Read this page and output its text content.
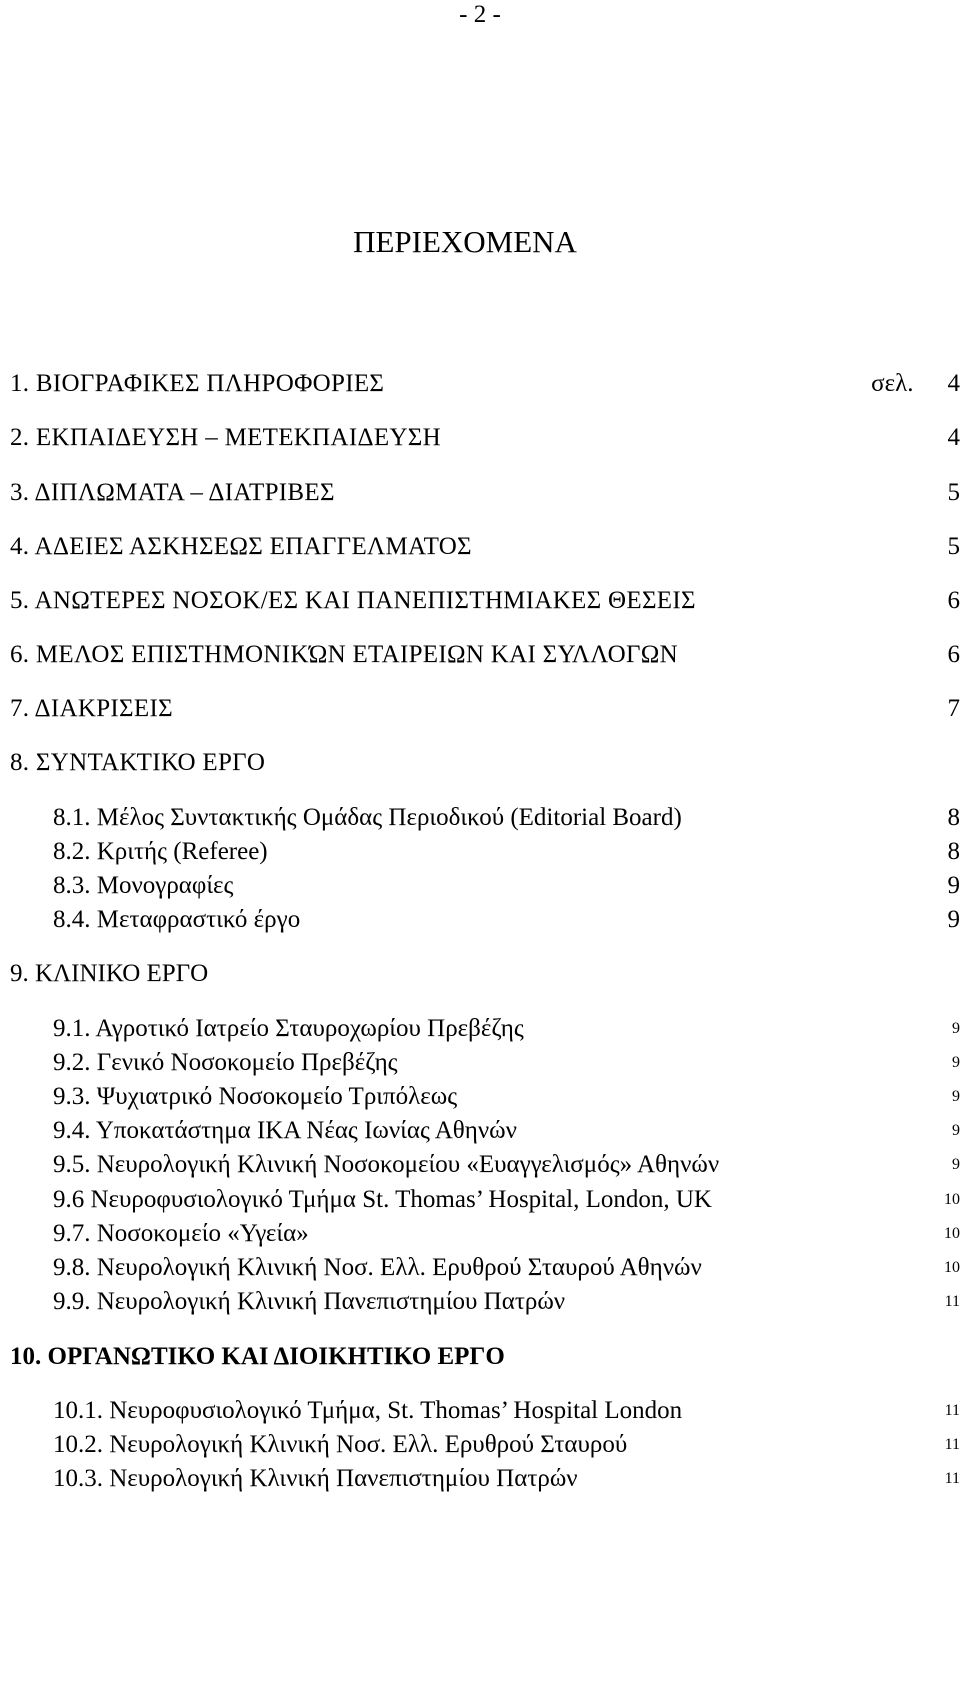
- 2 -
ΠΕΡΙΕΧΟΜΕΝΑ
1. ΒΙΟΓΡΑΦΙΚΕΣ ΠΛΗΡΟΦΟΡΙΕΣ	σελ. 4
2. ΕΚΠΑΙΔΕΥΣΗ – ΜΕΤΕΚΠΑΙΔΕΥΣΗ	4
3. ΔΙΠΛΩΜΑΤΑ – ΔΙΑΤΡΙΒΕΣ	5
4. ΑΔΕΙΕΣ ΑΣΚΗΣΕΩΣ ΕΠΑΓΓΕΛΜΑΤΟΣ	5
5. ΑΝΩΤΕΡΕΣ ΝΟΣΟΚ/ΕΣ ΚΑΙ ΠΑΝΕΠΙΣΤΗΜΙΑΚΕΣ ΘΕΣΕΙΣ	6
6. ΜΕΛΟΣ ΕΠΙΣΤΗΜΟΝΙΚΏΝ ΕΤΑΙΡΕΙΩΝ ΚΑΙ ΣΥΛΛΟΓΩΝ	6
7. ΔΙΑΚΡΙΣΕΙΣ	7
8. ΣΥΝΤΑΚΤΙΚΟ ΕΡΓΟ
8.1. Μέλος Συντακτικής Ομάδας Περιοδικού (Editorial Board)	8
8.2. Κριτής (Referee)	8
8.3. Μονογραφίες	9
8.4. Μεταφραστικό έργο	9
9. ΚΛΙΝΙΚΟ ΕΡΓΟ
9.1. Αγροτικό Ιατρείο Σταυροχωρίου Πρεβέζης	9
9.2. Γενικό Νοσοκομείο Πρεβέζης	9
9.3. Ψυχιατρικό Νοσοκομείο Τριπόλεως	9
9.4. Υποκατάστημα ΙΚΑ Νέας Ιωνίας Αθηνών	9
9.5. Νευρολογική Κλινική Νοσοκομείου «Ευαγγελισμός» Αθηνών	9
9.6 Νευροφυσιολογικό Τμήμα St. Thomas’ Hospital, London, UK	10
9.7. Νοσοκομείο «Υγεία»	10
9.8. Νευρολογική Κλινική Νοσ. Ελλ. Ερυθρού Σταυρού Αθηνών	10
9.9. Νευρολογική Κλινική Πανεπιστημίου Πατρών	11
10. ΟΡΓΑΝΩΤΙΚΟ ΚΑΙ ΔΙΟΙΚΗΤΙΚΟ ΕΡΓΟ
10.1. Νευροφυσιολογικό Τμήμα, St. Thomas’ Hospital London	11
10.2. Νευρολογική Κλινική Νοσ. Ελλ. Ερυθρού Σταυρού	11
10.3. Νευρολογική Κλινική Πανεπιστημίου Πατρών	11
